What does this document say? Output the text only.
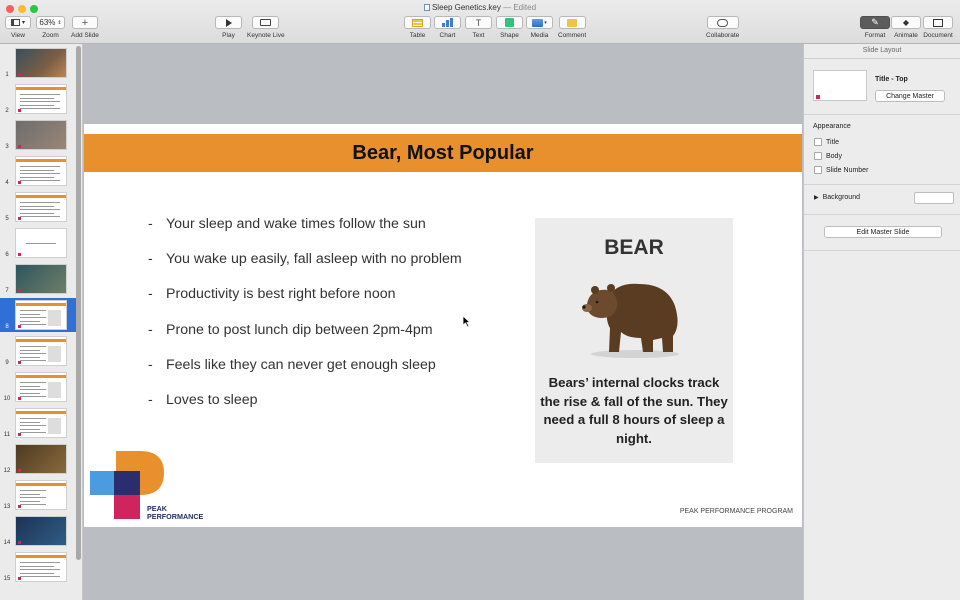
Sleep Genetics.key — Edited
▾
View
63% ⇕
Zoom
+
Add Slide	Play Keynote Live	Table Chart
T
Text Shape
▾
Media Comment	Collaborate
✎
Format
◆
Animate Document
1
2
3
4
5
6
7
8
9
10
11
12
13
14
15
Bear, Most Popular
- Your sleep and wake times follow the sun
- You wake up easily, fall asleep with no problem
- Productivity is best right before noon
- Prone to post lunch dip between 2pm-4pm
- Feels like they can never get enough sleep
- Loves to sleep
BEAR
Bears’ internal clocks track the rise & fall of the sun. They need a full 8 hours of sleep a night.
PEAK
PERFORMANCE
PEAK PERFORMANCE PROGRAM
Slide Layout
Title - Top
Change Master
Appearance
Title
Body
Slide Number
▶ Background
Edit Master Slide
